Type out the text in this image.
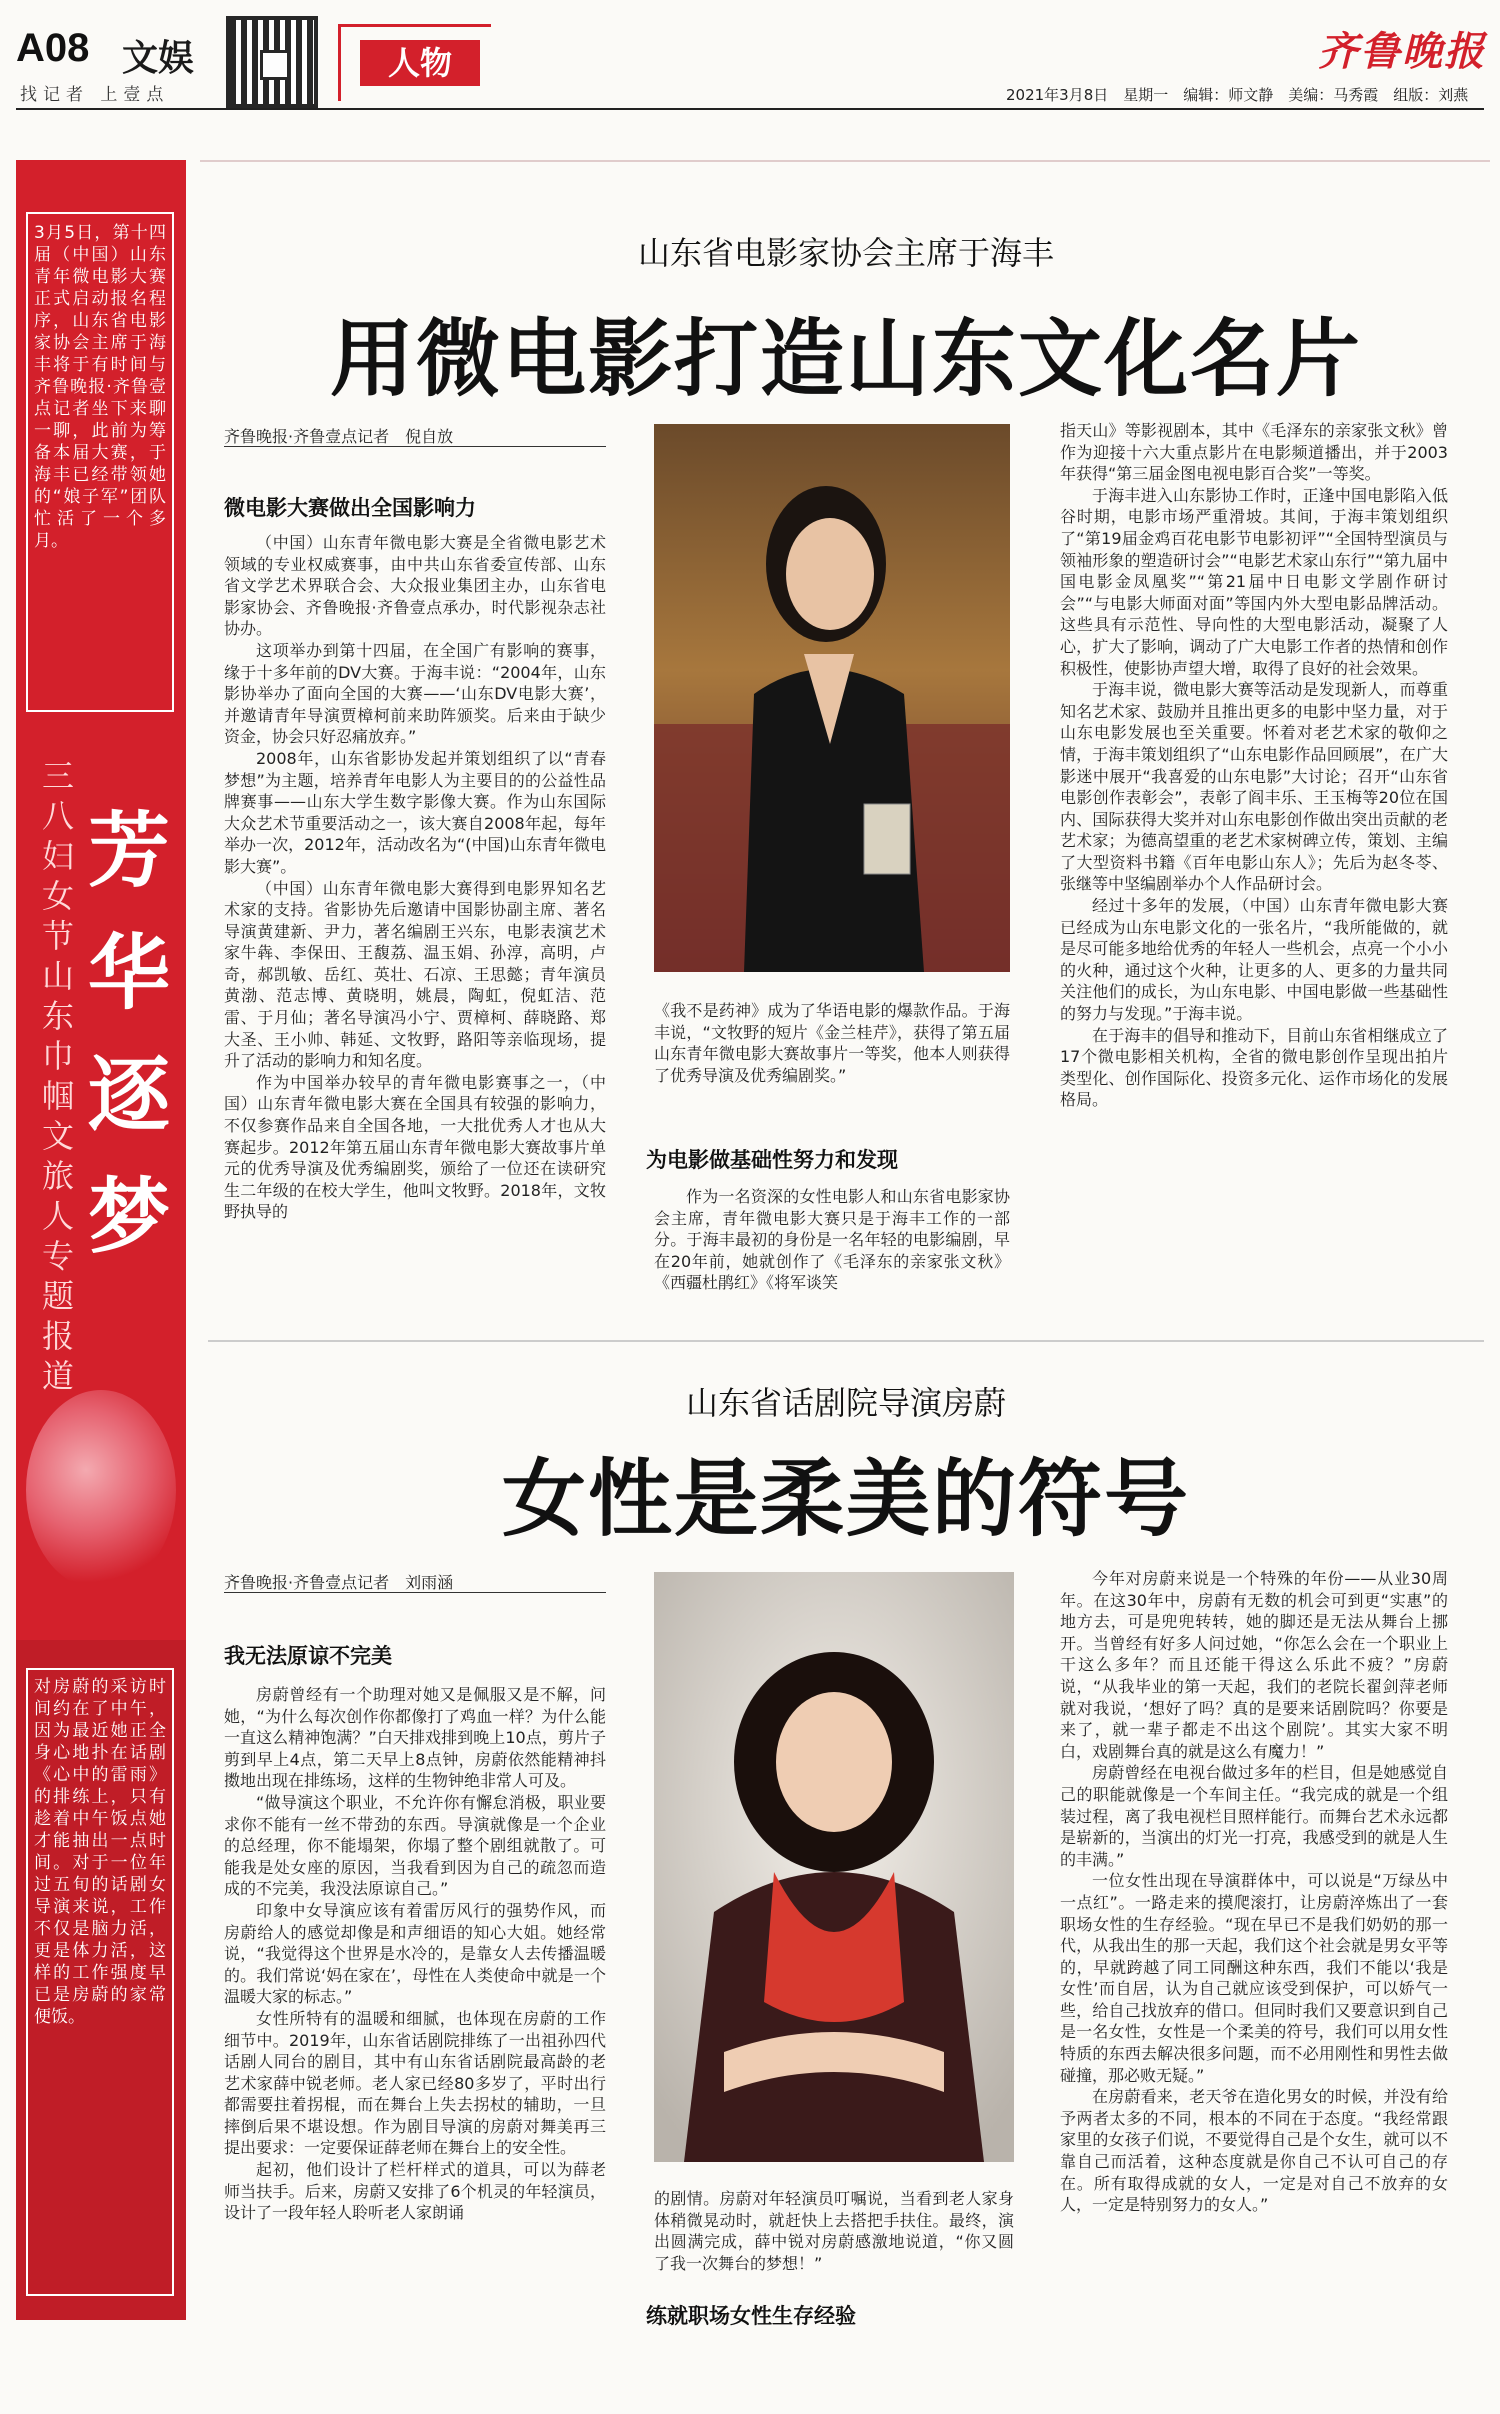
A08 文娱
找记者 上壹点
人物	齐鲁晚报
2021年3月8日　星期一　编辑：师文静　美编：马秀霞　组版：刘燕
3月5日，第十四届（中国）山东青年微电影大赛正式启动报名程序，山东省电影家协会主席于海丰将于有时间与齐鲁晚报·齐鲁壹点记者坐下来聊一聊，此前为筹备本届大赛，于海丰已经带领她的“娘子军”团队忙活了一个多月。
三八妇女节山东巾帼文旅人专题报道
芳华逐梦
对房蔚的采访时间约在了中午，因为最近她正全身心地扑在话剧《心中的雷雨》的排练上，只有趁着中午饭点她才能抽出一点时间。对于一位年过五旬的话剧女导演来说，工作不仅是脑力活，更是体力活，这样的工作强度早已是房蔚的家常便饭。
山东省电影家协会主席于海丰
用微电影打造山东文化名片
齐鲁晚报·齐鲁壹点记者　倪自放
微电影大赛做出全国影响力

（中国）山东青年微电影大赛是全省微电影艺术领域的专业权威赛事，由中共山东省委宣传部、山东省文学艺术界联合会、大众报业集团主办，山东省电影家协会、齐鲁晚报·齐鲁壹点承办，时代影视杂志社协办。

这项举办到第十四届，在全国广有影响的赛事，缘于十多年前的DV大赛。于海丰说：“2004年，山东影协举办了面向全国的大赛——‘山东DV电影大赛’，并邀请青年导演贾樟柯前来助阵颁奖。后来由于缺少资金，协会只好忍痛放弃。”

2008年，山东省影协发起并策划组织了以“青春梦想”为主题，培养青年电影人为主要目的的公益性品牌赛事——山东大学生数字影像大赛。作为山东国际大众艺术节重要活动之一，该大赛自2008年起，每年举办一次，2012年，活动改名为“(中国)山东青年微电影大赛”。

（中国）山东青年微电影大赛得到电影界知名艺术家的支持。省影协先后邀请中国影协副主席、著名导演黄建新、尹力，著名编剧王兴东，电影表演艺术家牛犇、李保田、王馥荔、温玉娟、孙淳，高明，卢奇，郝凯敏、岳红、英壮、石凉、王思懿；青年演员黄渤、范志博、黄晓明，姚晨，陶虹，倪虹洁、范雷、于月仙；著名导演冯小宁、贾樟柯、薛晓路、郑大圣、王小帅、韩延、文牧野，路阳等亲临现场，提升了活动的影响力和知名度。

作为中国举办较早的青年微电影赛事之一，（中国）山东青年微电影大赛在全国具有较强的影响力，不仅参赛作品来自全国各地，一大批优秀人才也从大赛起步。2012年第五届山东青年微电影大赛故事片单元的优秀导演及优秀编剧奖，颁给了一位还在读研究生二年级的在校大学生，他叫文牧野。2018年，文牧野执导的

《我不是药神》成为了华语电影的爆款作品。于海丰说，“文牧野的短片《金兰桂芹》，获得了第五届山东青年微电影大赛故事片一等奖，他本人则获得了优秀导演及优秀编剧奖。”

为电影做基础性努力和发现

作为一名资深的女性电影人和山东省电影家协会主席，青年微电影大赛只是于海丰工作的一部分。于海丰最初的身份是一名年轻的电影编剧，早在20年前，她就创作了《毛泽东的亲家张文秋》《西疆杜鹃红》《将军谈笑

指天山》等影视剧本，其中《毛泽东的亲家张文秋》曾作为迎接十六大重点影片在电影频道播出，并于2003年获得“第三届金图电视电影百合奖”一等奖。

于海丰进入山东影协工作时，正逢中国电影陷入低谷时期，电影市场严重滑坡。其间，于海丰策划组织了“第19届金鸡百花电影节电影初评”“全国特型演员与领袖形象的塑造研讨会”“电影艺术家山东行”“第九届中国电影金凤凰奖”“第21届中日电影文学剧作研讨会”“与电影大师面对面”等国内外大型电影品牌活动。这些具有示范性、导向性的大型电影活动，凝聚了人心，扩大了影响，调动了广大电影工作者的热情和创作积极性，使影协声望大增，取得了良好的社会效果。

于海丰说，微电影大赛等活动是发现新人，而尊重知名艺术家、鼓励并且推出更多的电影中坚力量，对于山东电影发展也至关重要。怀着对老艺术家的敬仰之情，于海丰策划组织了“山东电影作品回顾展”，在广大影迷中展开“我喜爱的山东电影”大讨论；召开“山东省电影创作表彰会”，表彰了阎丰乐、王玉梅等20位在国内、国际获得大奖并对山东电影创作做出突出贡献的老艺术家；为德高望重的老艺术家树碑立传，策划、主编了大型资料书籍《百年电影山东人》；先后为赵冬苓、张继等中坚编剧举办个人作品研讨会。

经过十多年的发展，（中国）山东青年微电影大赛已经成为山东电影文化的一张名片，“我所能做的，就是尽可能多地给优秀的年轻人一些机会，点亮一个小小的火种，通过这个火种，让更多的人、更多的力量共同关注他们的成长，为山东电影、中国电影做一些基础性的努力与发现。”于海丰说。

在于海丰的倡导和推动下，目前山东省相继成立了17个微电影相关机构，全省的微电影创作呈现出拍片类型化、创作国际化、投资多元化、运作市场化的发展格局。

山东省话剧院导演房蔚
女性是柔美的符号
齐鲁晚报·齐鲁壹点记者　刘雨涵
我无法原谅不完美

房蔚曾经有一个助理对她又是佩服又是不解，问她，“为什么每次创作你都像打了鸡血一样？为什么能一直这么精神饱满？”白天排戏排到晚上10点，剪片子剪到早上4点，第二天早上8点钟，房蔚依然能精神抖擞地出现在排练场，这样的生物钟绝非常人可及。

“做导演这个职业，不允许你有懈怠消极，职业要求你不能有一丝不带劲的东西。导演就像是一个企业的总经理，你不能塌架，你塌了整个剧组就散了。可能我是处女座的原因，当我看到因为自己的疏忽而造成的不完美，我没法原谅自己。”

印象中女导演应该有着雷厉风行的强势作风，而房蔚给人的感觉却像是和声细语的知心大姐。她经常说，“我觉得这个世界是水冷的，是靠女人去传播温暖的。我们常说‘妈在家在’，母性在人类使命中就是一个温暖大家的标志。”

女性所特有的温暖和细腻，也体现在房蔚的工作细节中。2019年，山东省话剧院排练了一出祖孙四代话剧人同台的剧目，其中有山东省话剧院最高龄的老艺术家薛中锐老师。老人家已经80多岁了，平时出行都需要拄着拐棍，而在舞台上失去拐杖的辅助，一旦摔倒后果不堪设想。作为剧目导演的房蔚对舞美再三提出要求：一定要保证薛老师在舞台上的安全性。

起初，他们设计了栏杆样式的道具，可以为薛老师当扶手。后来，房蔚又安排了6个机灵的年轻演员，设计了一段年轻人聆听老人家朗诵

的剧情。房蔚对年轻演员叮嘱说，当看到老人家身体稍微晃动时，就赶快上去搭把手扶住。最终，演出圆满完成，薛中锐对房蔚感激地说道，“你又圆了我一次舞台的梦想！”

练就职场女性生存经验

今年对房蔚来说是一个特殊的年份——从业30周年。在这30年中，房蔚有无数的机会可到更“实惠”的地方去，可是兜兜转转，她的脚还是无法从舞台上挪开。当曾经有好多人问过她，“你怎么会在一个职业上干这么多年？而且还能干得这么乐此不疲？”房蔚说，“从我毕业的第一天起，我们的老院长翟剑萍老师就对我说，‘想好了吗？真的是要来话剧院吗？你要是来了，就一辈子都走不出这个剧院’。其实大家不明白，戏剧舞台真的就是这么有魔力！”

房蔚曾经在电视台做过多年的栏目，但是她感觉自己的职能就像是一个车间主任。“我完成的就是一个组装过程，离了我电视栏目照样能行。而舞台艺术永远都是崭新的，当演出的灯光一打亮，我感受到的就是人生的丰满。”

一位女性出现在导演群体中，可以说是“万绿丛中一点红”。一路走来的摸爬滚打，让房蔚淬炼出了一套职场女性的生存经验。“现在早已不是我们奶奶的那一代，从我出生的那一天起，我们这个社会就是男女平等的，早就跨越了同工同酬这种东西，我们不能以‘我是女性’而自居，认为自己就应该受到保护，可以娇气一些，给自己找放弃的借口。但同时我们又要意识到自己是一名女性，女性是一个柔美的符号，我们可以用女性特质的东西去解决很多问题，而不必用刚性和男性去做碰撞，那必败无疑。”

在房蔚看来，老天爷在造化男女的时候，并没有给予两者太多的不同，根本的不同在于态度。“我经常跟家里的女孩子们说，不要觉得自己是个女生，就可以不靠自己而活着，这种态度就是你自己不认可自己的存在。所有取得成就的女人，一定是对自己不放弃的女人，一定是特别努力的女人。”
